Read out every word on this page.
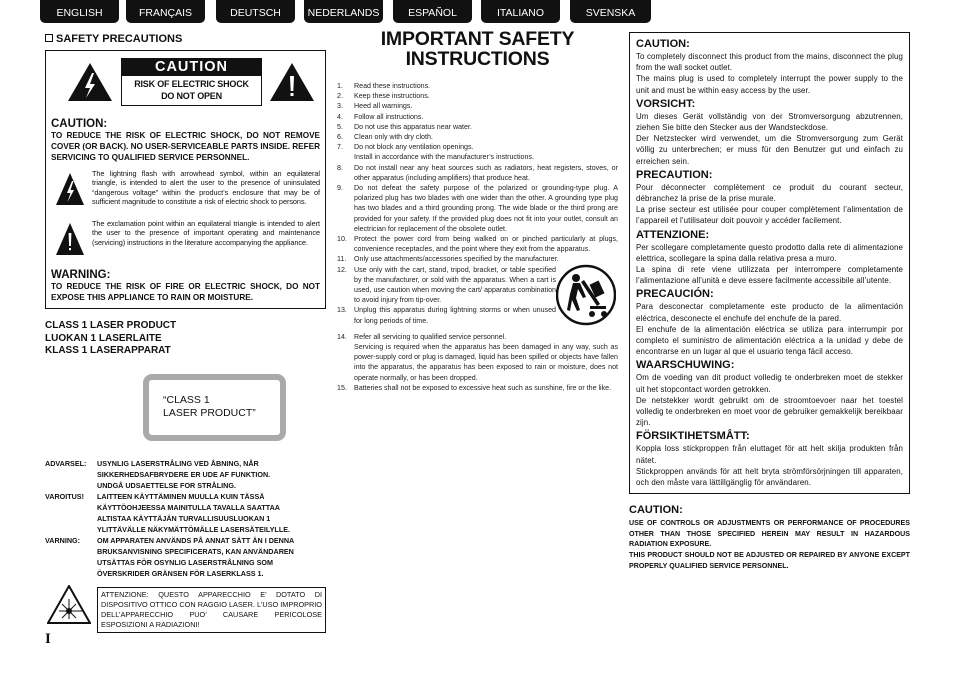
ENGLISH	FRANÇAIS	DEUTSCH	NEDERLANDS	ESPAÑOL	ITALIANO	SVENSKA
SAFETY PRECAUTIONS
CAUTION
RISK OF ELECTRIC SHOCK
DO NOT OPEN
CAUTION:
TO REDUCE THE RISK OF ELECTRIC SHOCK, DO NOT REMOVE COVER (OR BACK). NO USER-SERVICEABLE PARTS INSIDE. REFER SERVICING TO QUALIFIED SERVICE PERSONNEL.
The lightning flash with arrowhead symbol, within an equilateral triangle, is intended to alert the user to the presence of uninsulated “dangerous voltage” within the product’s enclosure that may be of sufficient magnitude to constitute a risk of electric shock to persons.
The exclamation point within an equilateral triangle is intended to alert the user to the presence of important operating and maintenance (servicing) instructions in the literature accompanying the appliance.
WARNING:
TO REDUCE THE RISK OF FIRE OR ELECTRIC SHOCK, DO NOT EXPOSE THIS APPLIANCE TO RAIN OR MOISTURE.
CLASS 1 LASER PRODUCT
LUOKAN 1 LASERLAITE
KLASS 1 LASERAPPARAT
“CLASS 1
LASER PRODUCT”
ADVARSEL:	USYNLIG LASERSTRÅLING VED ÅBNING, NÅR
SIKKERHEDSAFBRYDERE ER UDE AF FUNKTION.
UNDGÅ UDSAETTELSE FOR STRÅLING.
VAROITUS!	LAITTEEN KÄYTTÄMINEN MUULLA KUIN TÄSSÄ
KÄYTTÖOHJEESSA MAINITULLA TAVALLA SAATTAA
ALTISTAA KÄYTTÄJÄN TURVALLISUUSLUOKAN 1
YLITTÄVÄLLE NÄKYMÄTTÖMÄLLE LASERSÄTEILYLLE.
VARNING:	OM APPARATEN ANVÄNDS PÅ ANNAT SÄTT ÄN I DENNA
BRUKSANVISNING SPECIFICERATS, KAN ANVÄNDAREN
UTSÄTTAS FÖR OSYNLIG LASERSTRÅLNING SOM
ÖVERSKRIDER GRÄNSEN FÖR LASERKLASS 1.
ATTENZIONE: QUESTO APPARECCHIO E’ DOTATO DI DISPOSITIVO OTTICO CON RAGGIO LASER. L’USO IMPROPRIO DELL’APPARECCHIO PUO’ CAUSARE PERICOLOSE ESPOSIZIONI A RADIAZIONI!
I
IMPORTANT SAFETY
INSTRUCTIONS
1.	Read these instructions.
2.	Keep these instructions.
3.	Heed all warnings.
4.	Follow all instructions.
5.	Do not use this apparatus near water.
6.	Clean only with dry cloth.
7.	Do not block any ventilation openings.
Install in accordance with the manufacturer’s instructions.
8.	Do not install near any heat sources such as radiators, heat registers, stoves, or other apparatus (including amplifiers) that produce heat.
9.	Do not defeat the safety purpose of the polarized or grounding-type plug. A polarized plug has two blades with one wider than the other. A grounding type plug has two blades and a third grounding prong. The wide blade or the third prong are provided for your safety. If the provided plug does not fit into your outlet, consult an electrician for replacement of the obsolete outlet.
10.	Protect the power cord from being walked on or pinched particularly at plugs, convenience receptacles, and the point where they exit from the apparatus.
11.	Only use attachments/accessories specified by the manufacturer.
12.	Use only with the cart, stand, tripod, bracket, or table specified by the manufacturer, or sold with the apparatus. When a cart is used, use caution when moving the cart/ apparatus combination to avoid injury from tip-over.
13.	Unplug this apparatus during lightning storms or when unused for long periods of time.
14.	Refer all servicing to qualified service personnel.
Servicing is required when the apparatus has been damaged in any way, such as power-supply cord or plug is damaged, liquid has been spilled or objects have fallen into the apparatus, the apparatus has been exposed to rain or moisture, does not operate normally, or has been dropped.
15.	Batteries shall not be exposed to excessive heat such as sunshine, fire or the like.
CAUTION:
To completely disconnect this product from the mains, disconnect the plug from the wall socket outlet.
The mains plug is used to completely interrupt the power supply to the unit and must be within easy access by the user.
VORSICHT:
Um dieses Gerät vollständig von der Stromversorgung abzutrennen, ziehen Sie bitte den Stecker aus der Wandsteckdose.
Der Netzstecker wird verwendet, um die Stromversorgung zum Gerät völlig zu unterbrechen; er muss für den Benutzer gut und einfach zu erreichen sein.
PRECAUTION:
Pour déconnecter complètement ce produit du courant secteur, débranchez la prise de la prise murale.
La prise secteur est utilisée pour couper complètement l’alimentation de l’appareil et l’utilisateur doit pouvoir y accéder facilement.
ATTENZIONE:
Per scollegare completamente questo prodotto dalla rete di alimentazione elettrica, scollegare la spina dalla relativa presa a muro.
La spina di rete viene utilizzata per interrompere completamente l’alimentazione all’unità e deve essere facilmente accessibile all’utente.
PRECAUCIÓN:
Para desconectar completamente este producto de la alimentación eléctrica, desconecte el enchufe del enchufe de la pared.
El enchufe de la alimentación eléctrica se utiliza para interrumpir por completo el suministro de alimentación eléctrica a la unidad y debe de encontrarse en un lugar al que el usuario tenga fácil acceso.
WAARSCHUWING:
Om de voeding van dit product volledig te onderbreken moet de stekker uit het stopcontact worden getrokken.
De netstekker wordt gebruikt om de stroomtoevoer naar het toestel volledig te onderbreken en moet voor de gebruiker gemakkelijk bereikbaar zijn.
FÖRSIKTIHETSMÅTT:
Koppla loss stickproppen från eluttaget för att helt skilja produkten från nätet.
Stickproppen används för att helt bryta strömförsörjningen till apparaten, och den måste vara lättillgänglig för användaren.
CAUTION:
USE OF CONTROLS OR ADJUSTMENTS OR PERFORMANCE OF PROCEDURES OTHER THAN THOSE SPECIFIED HEREIN MAY RESULT IN HAZARDOUS RADIATION EXPOSURE.
THIS PRODUCT SHOULD NOT BE ADJUSTED OR REPAIRED BY ANYONE EXCEPT PROPERLY QUALIFIED SERVICE PERSONNEL.
